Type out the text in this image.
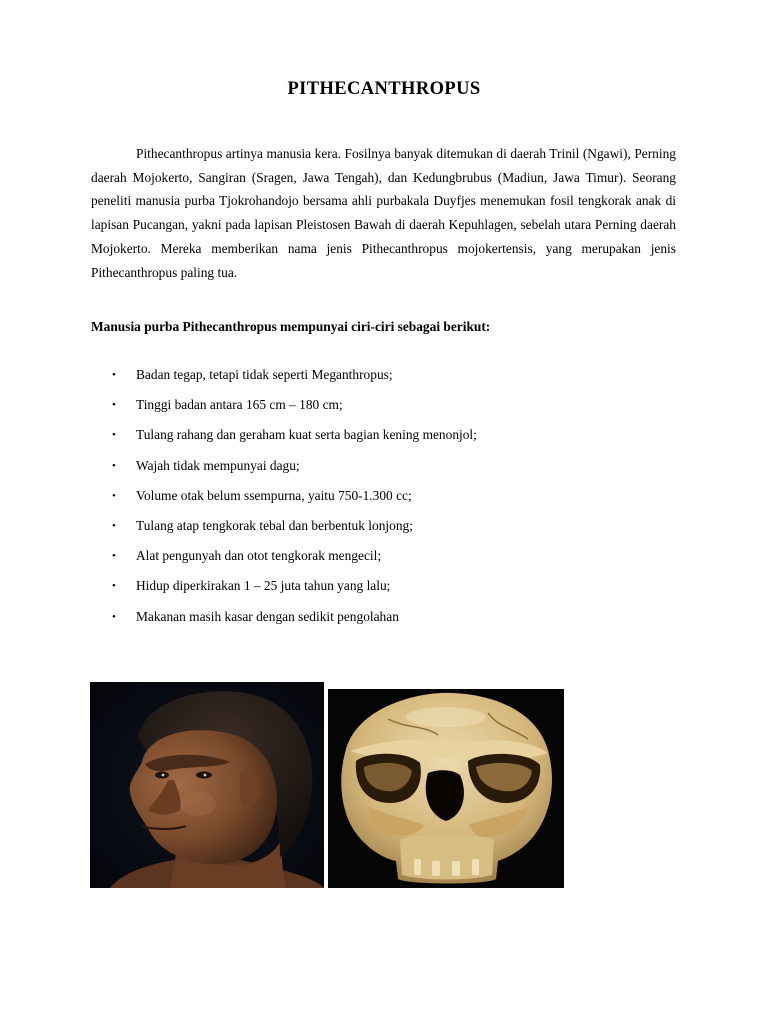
PITHECANTHROPUS

Pithecanthropus artinya manusia kera. Fosilnya banyak ditemukan di daerah Trinil (Ngawi), Perning daerah Mojokerto, Sangiran (Sragen, Jawa Tengah), dan Kedungbrubus (Madiun, Jawa Timur). Seorang peneliti manusia purba Tjokrohandojo bersama ahli purbakala Duyfjes menemukan fosil tengkorak anak di lapisan Pucangan, yakni pada lapisan Pleistosen Bawah di daerah Kepuhlagen, sebelah utara Perning daerah Mojokerto. Mereka memberikan nama jenis Pithecanthropus mojokertensis, yang merupakan jenis Pithecanthropus paling tua.

Manusia purba Pithecanthropus mempunyai ciri-ciri sebagai berikut:

• Badan tegap, tetapi tidak seperti Meganthropus;
• Tinggi badan antara 165 cm – 180 cm;
• Tulang rahang dan geraham kuat serta bagian kening menonjol;
• Wajah tidak mempunyai dagu;
• Volume otak belum ssempurna, yaitu 750-1.300 cc;
• Tulang atap tengkorak tebal dan berbentuk lonjong;
• Alat pengunyah dan otot tengkorak mengecil;
• Hidup diperkirakan 1 – 25 juta tahun yang lalu;
• Makanan masih kasar dengan sedikit pengolahan
